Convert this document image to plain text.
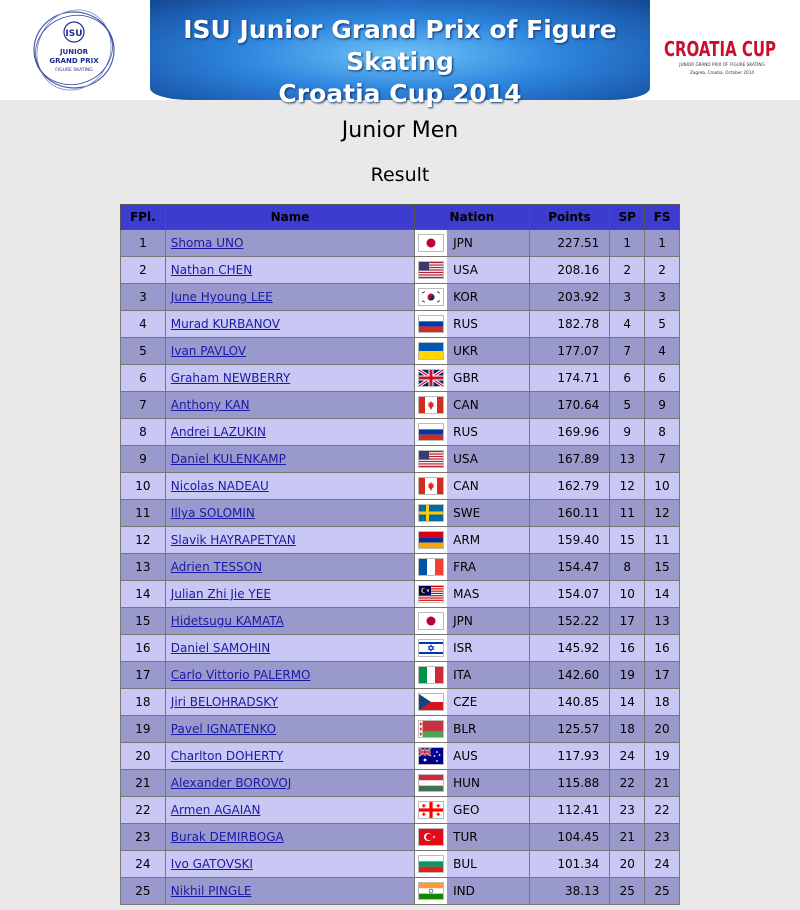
ISU Junior Grand Prix of Figure Skating
Croatia Cup 2014
ISU
JUNIOR
GRAND PRIX
FIGURE SKATING
CROATIA CUP
JUNIOR GRAND PRIX OF FIGURE SKATING
Zagreb, Croatia, October 2014
Junior Men
Result
FPl.	Name	Nation	Points	SP	FS
1	Shoma UNO	JPN	227.51	1	1
2	Nathan CHEN	USA	208.16	2	2
3	June Hyoung LEE	KOR	203.92	3	3
4	Murad KURBANOV	RUS	182.78	4	5
5	Ivan PAVLOV	UKR	177.07	7	4
6	Graham NEWBERRY	GBR	174.71	6	6
7	Anthony KAN	CAN	170.64	5	9
8	Andrei LAZUKIN	RUS	169.96	9	8
9	Daniel KULENKAMP	USA	167.89	13	7
10	Nicolas NADEAU	CAN	162.79	12	10
11	Illya SOLOMIN	SWE	160.11	11	12
12	Slavik HAYRAPETYAN	ARM	159.40	15	11
13	Adrien TESSON	FRA	154.47	8	15
14	Julian Zhi Jie YEE	MAS	154.07	10	14
15	Hidetsugu KAMATA	JPN	152.22	17	13
16	Daniel SAMOHIN	ISR	145.92	16	16
17	Carlo Vittorio PALERMO	ITA	142.60	19	17
18	Jiri BELOHRADSKY	CZE	140.85	14	18
19	Pavel IGNATENKO	BLR	125.57	18	20
20	Charlton DOHERTY	AUS	117.93	24	19
21	Alexander BOROVOJ	HUN	115.88	22	21
22	Armen AGAIAN	GEO	112.41	23	22
23	Burak DEMIRBOGA	TUR	104.45	21	23
24	Ivo GATOVSKI	BUL	101.34	20	24
25	Nikhil PINGLE	IND	38.13	25	25
